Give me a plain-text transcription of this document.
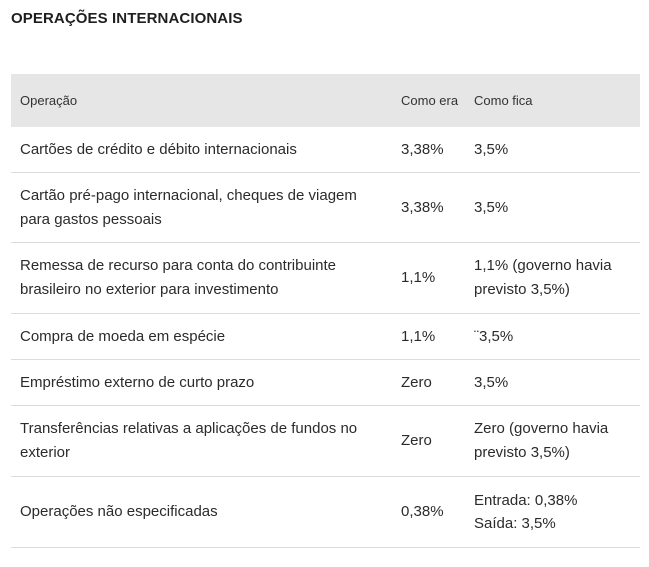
OPERAÇÕES INTERNACIONAIS
Operação	Como era	Como fica
Cartões de crédito e débito internacionais	3,38%	3,5%
Cartão pré-pago internacional, cheques de viagem para gastos pessoais	3,38%	3,5%
Remessa de recurso para conta do contribuinte brasileiro no exterior para investimento	1,1%	1,1% (governo havia previsto 3,5%)
Compra de moeda em espécie	1,1%	¨3,5%
Empréstimo externo de curto prazo	Zero	3,5%
Transferências relativas a aplicações de fundos no exterior	Zero	Zero (governo havia previsto 3,5%)
Operações não especificadas	0,38%	Entrada: 0,38%
Saída: 3,5%
